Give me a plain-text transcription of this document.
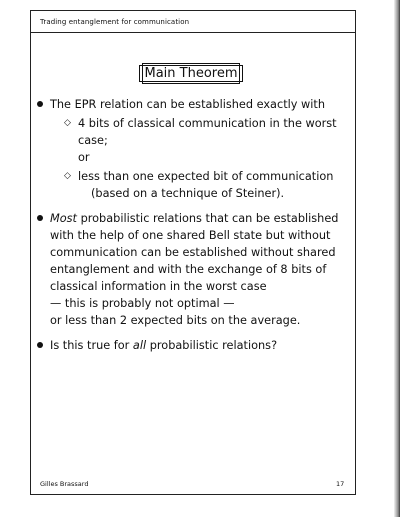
Trading entanglement for communication
Main Theorem
The EPR relation can be established exactly with
◇ 4 bits of classical communication in the worst case;
or
◇ less than one expected bit of communication
(based on a technique of Steiner).
Most probabilistic relations that can be established
with the help of one shared Bell state but without
communication can be established without shared
entanglement and with the exchange of 8 bits of
classical information in the worst case
— this is probably not optimal —
or less than 2 expected bits on the average.
Is this true for all probabilistic relations?
Gilles Brassard	17
